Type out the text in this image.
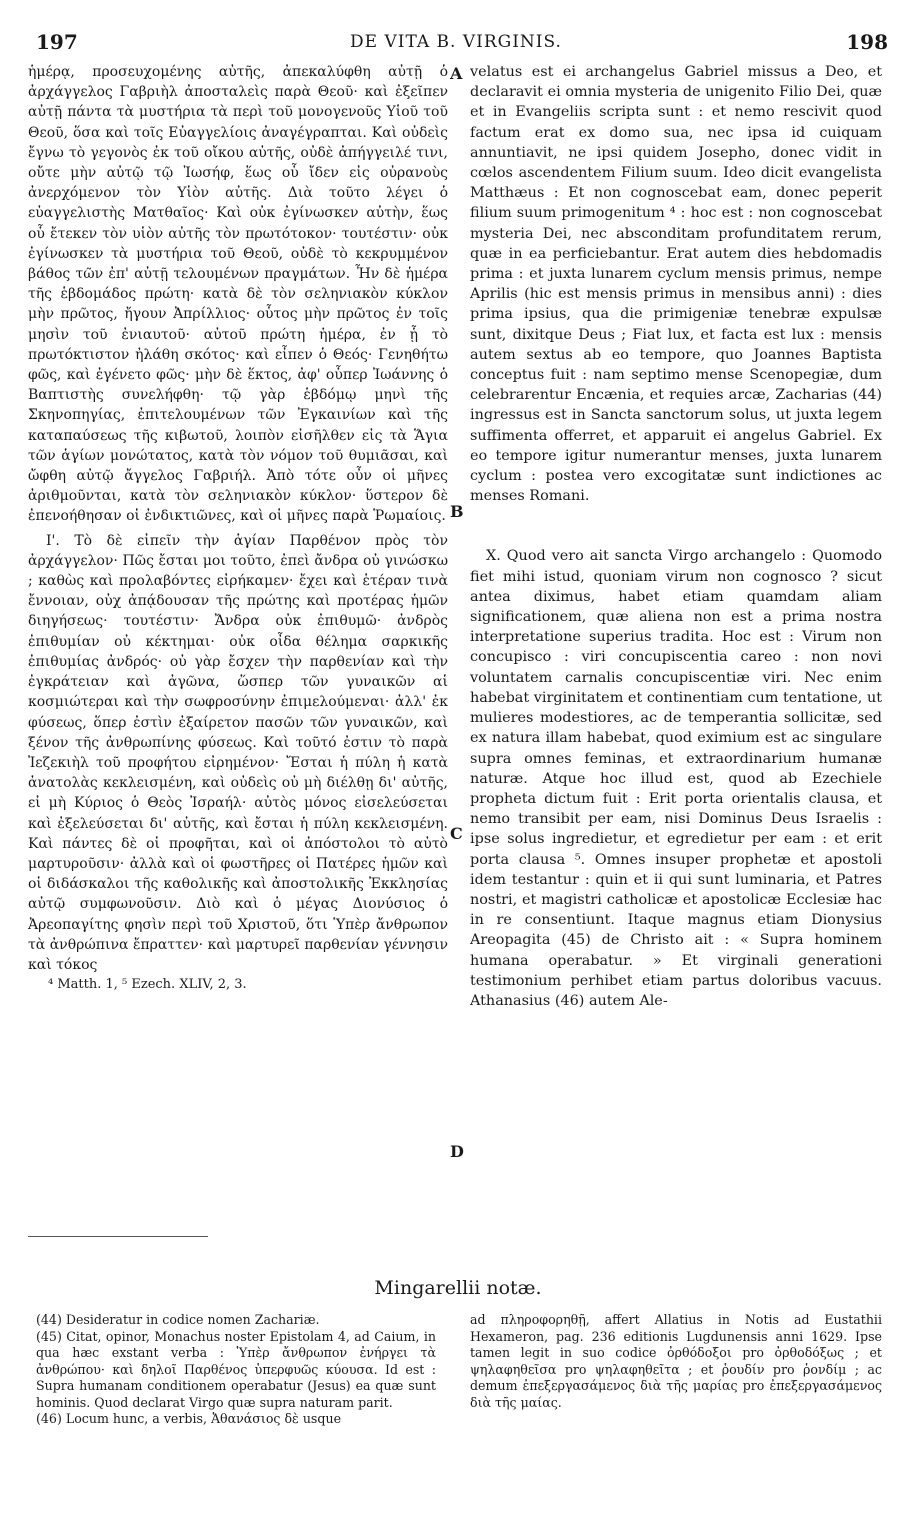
197	DE VITA B. VIRGINIS.	198

ἡμέρᾳ, προσευχομένης αὐτῆς, ἀπεκαλύφθη αὐτῇ ὁ ἀρχάγγελος Γαβριὴλ ἀποσταλεὶς παρὰ Θεοῦ· καὶ ἐξεῖπεν αὐτῇ πάντα τὰ μυστήρια τὰ περὶ τοῦ μονογενοῦς Υἱοῦ τοῦ Θεοῦ, ὅσα καὶ τοῖς Εὐαγγελίοις ἀναγέγραπται. Καὶ οὐδεὶς ἔγνω τὸ γεγονὸς ἐκ τοῦ οἴκου αὐτῆς, οὐδὲ ἀπήγγειλέ τινι, οὔτε μὴν αὐτῷ τῷ Ἰωσήφ, ἕως οὗ ἴδεν εἰς οὐρανοὺς ἀνερχόμενον τὸν Υἱὸν αὐτῆς. Διὰ τοῦτο λέγει ὁ εὐαγγελιστὴς Ματθαῖος· Καὶ οὐκ ἐγίνωσκεν αὐτὴν, ἕως οὗ ἔτεκεν τὸν υἱὸν αὐτῆς τὸν πρωτότοκον· τουτέστιν· οὐκ ἐγίνωσκεν τὰ μυστήρια τοῦ Θεοῦ, οὐδὲ τὸ κεκρυμμένον βάθος τῶν ἐπ' αὐτῇ τελουμένων πραγμάτων. Ἦν δὲ ἡμέρα τῆς ἑβδομάδος πρώτη· κατὰ δὲ τὸν σεληνιακὸν κύκλον μὴν πρῶτος, ἤγουν Ἀπρίλλιος· οὗτος μὴν πρῶτος ἐν τοῖς μησὶν τοῦ ἐνιαυτοῦ· αὐτοῦ πρώτη ἡμέρα, ἐν ᾗ τὸ πρωτόκτιστον ἠλάθη σκότος· καὶ εἶπεν ὁ Θεός· Γενηθήτω φῶς, καὶ ἐγένετο φῶς· μὴν δὲ ἕκτος, ἀφ' οὗπερ Ἰωάννης ὁ Βαπτιστὴς συνελήφθη· τῷ γὰρ ἑβδόμῳ μηνὶ τῆς Σκηνοπηγίας, ἐπιτελουμένων τῶν Ἐγκαινίων καὶ τῆς καταπαύσεως τῆς κιβωτοῦ, λοιπὸν εἰσῆλθεν εἰς τὰ Ἅγια τῶν ἁγίων μονώτατος, κατὰ τὸν νόμον τοῦ θυμιᾶσαι, καὶ ὤφθη αὐτῷ ἄγγελος Γαβριήλ. Ἀπὸ τότε οὖν οἱ μῆνες ἀριθμοῦνται, κατὰ τὸν σεληνιακὸν κύκλον· ὕστερον δὲ ἐπενοήθησαν οἱ ἐνδικτιῶνες, καὶ οἱ μῆνες παρὰ Ῥωμαίοις.

Ι'. Τὸ δὲ εἰπεῖν τὴν ἁγίαν Παρθένον πρὸς τὸν ἀρχάγγελον· Πῶς ἔσται μοι τοῦτο, ἐπεὶ ἄνδρα οὐ γινώσκω ; καθὼς καὶ προλαβόντες εἰρήκαμεν· ἔχει καὶ ἑτέραν τινὰ ἔννοιαν, οὐχ ἀπᾴδουσαν τῆς πρώτης καὶ προτέρας ἡμῶν διηγήσεως· τουτέστιν· Ἄνδρα οὐκ ἐπιθυμῶ· ἀνδρὸς ἐπιθυμίαν οὐ κέκτημαι· οὐκ οἶδα θέλημα σαρκικῆς ἐπιθυμίας ἀνδρός· οὐ γὰρ ἔσχεν τὴν παρθενίαν καὶ τὴν ἐγκράτειαν καὶ ἀγῶνα, ὥσπερ τῶν γυναικῶν αἱ κοσμιώτεραι καὶ τὴν σωφροσύνην ἐπιμελούμεναι· ἀλλ' ἐκ φύσεως, ὅπερ ἐστὶν ἐξαίρετον πασῶν τῶν γυναικῶν, καὶ ξένον τῆς ἀνθρωπίνης φύσεως. Καὶ τοῦτό ἐστιν τὸ παρὰ Ἰεζεκιὴλ τοῦ προφήτου εἰρημένον· Ἔσται ἡ πύλη ἡ κατὰ ἀνατολὰς κεκλεισμένη, καὶ οὐδεὶς οὐ μὴ διέλθῃ δι' αὐτῆς, εἰ μὴ Κύριος ὁ Θεὸς Ἰσραήλ· αὐτὸς μόνος εἰσελεύσεται καὶ ἐξελεύσεται δι' αὐτῆς, καὶ ἔσται ἡ πύλη κεκλεισμένη. Καὶ πάντες δὲ οἱ προφῆται, καὶ οἱ ἀπόστολοι τὸ αὐτὸ μαρτυροῦσιν· ἀλλὰ καὶ οἱ φωστῆρες οἱ Πατέρες ἡμῶν καὶ οἱ διδάσκαλοι τῆς καθολικῆς καὶ ἀποστολικῆς Ἐκκλησίας αὐτῷ συμφωνοῦσιν. Διὸ καὶ ὁ μέγας Διονύσιος ὁ Ἀρεοπαγίτης φησὶν περὶ τοῦ Χριστοῦ, ὅτι Ὑπὲρ ἄνθρωπον τὰ ἀνθρώπινα ἔπραττεν· καὶ μαρτυρεῖ παρθενίαν γέννησιν καὶ τόκος

⁴ Matth. 1, ⁵ Ezech. XLIV, 2, 3.

A
B
C
D

velatus est ei archangelus Gabriel missus a Deo, et declaravit ei omnia mysteria de unigenito Filio Dei, quæ et in Evangeliis scripta sunt : et nemo rescivit quod factum erat ex domo sua, nec ipsa id cuiquam annuntiavit, ne ipsi quidem Josepho, donec vidit in cœlos ascendentem Filium suum. Ideo dicit evangelista Matthæus : Et non cognoscebat eam, donec peperit filium suum primogenitum ⁴ : hoc est : non cognoscebat mysteria Dei, nec absconditam profunditatem rerum, quæ in ea perficiebantur. Erat autem dies hebdomadis prima : et juxta lunarem cyclum mensis primus, nempe Aprilis (hic est mensis primus in mensibus anni) : dies prima ipsius, qua die primigeniæ tenebræ expulsæ sunt, dixitque Deus ; Fiat lux, et facta est lux : mensis autem sextus ab eo tempore, quo Joannes Baptista conceptus fuit : nam septimo mense Scenopegiæ, dum celebrarentur Encænia, et requies arcæ, Zacharias (44) ingressus est in Sancta sanctorum solus, ut juxta legem suffimenta offerret, et apparuit ei angelus Gabriel. Ex eo tempore igitur numerantur menses, juxta lunarem cyclum : postea vero excogitatæ sunt indictiones ac menses Romani.

X. Quod vero ait sancta Virgo archangelo : Quomodo fiet mihi istud, quoniam virum non cognosco ? sicut antea diximus, habet etiam quamdam aliam significationem, quæ aliena non est a prima nostra interpretatione superius tradita. Hoc est : Virum non concupisco : viri concupiscentia careo : non novi voluntatem carnalis concupiscentiæ viri. Nec enim habebat virginitatem et continentiam cum tentatione, ut mulieres modestiores, ac de temperantia sollicitæ, sed ex natura illam habebat, quod eximium est ac singulare supra omnes feminas, et extraordinarium humanæ naturæ. Atque hoc illud est, quod ab Ezechiele propheta dictum fuit : Erit porta orientalis clausa, et nemo transibit per eam, nisi Dominus Deus Israelis : ipse solus ingredietur, et egredietur per eam : et erit porta clausa ⁵. Omnes insuper prophetæ et apostoli idem testantur : quin et ii qui sunt luminaria, et Patres nostri, et magistri catholicæ et apostolicæ Ecclesiæ hac in re consentiunt. Itaque magnus etiam Dionysius Areopagita (45) de Christo ait : « Supra hominem humana operabatur. » Et virginali generationi testimonium perhibet etiam partus doloribus vacuus. Athanasius (46) autem Ale-

Mingarellii notæ.

(44) Desideratur in codice nomen Zachariæ.

(45) Citat, opinor, Monachus noster Epistolam 4, ad Caium, in qua hæc exstant verba : Ὑπὲρ ἄνθρωπον ἐνήργει τὰ ἀνθρώπου· καὶ δηλοῖ Παρθένος ὑπερφυῶς κύουσα. Id est : Supra humanam conditionem operabatur (Jesus) ea quæ sunt hominis. Quod declarat Virgo quæ supra naturam parit.

(46) Locum hunc, a verbis, Ἀθανάσιος δὲ usque

ad πληροφορηθῇ, affert Allatius in Notis ad Eustathii Hexameron, pag. 236 editionis Lugdunensis anni 1629. Ipse tamen legit in suo codice ὀρθόδοξοι pro ὀρθοδόξως ; et ψηλαφηθεῖσα pro ψηλαφηθεῖτα ; et ῥουδίν pro ῥονδίμ ; ac demum ἐπεξεργασάμενος διὰ τῆς μαρίας pro ἐπεξεργασάμενος διὰ τῆς μαίας.
